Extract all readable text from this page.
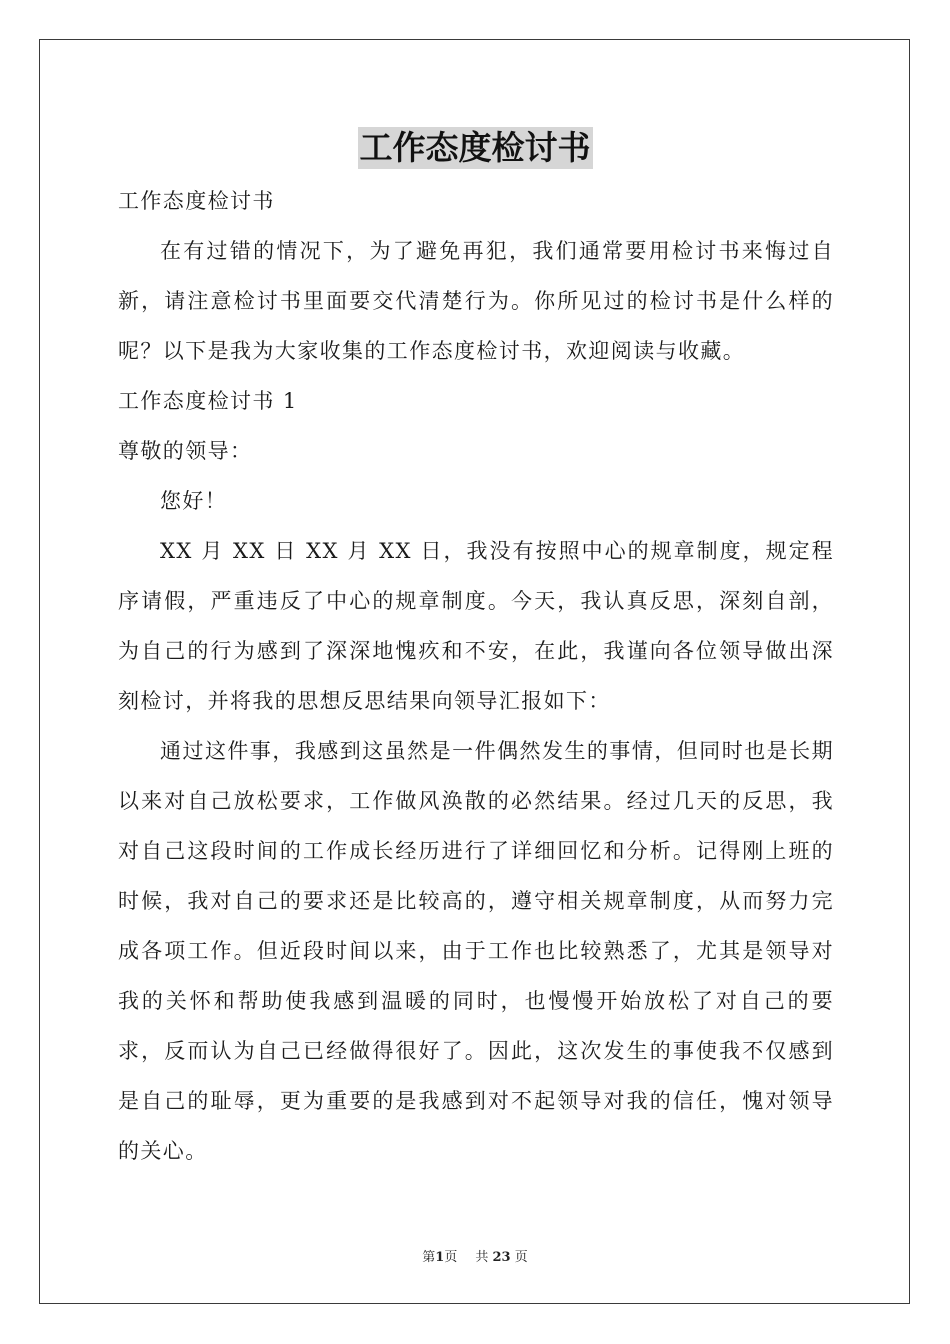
工作态度检讨书

工作态度检讨书

在有过错的情况下，为了避免再犯，我们通常要用检讨书来悔过自新，请注意检讨书里面要交代清楚行为。你所见过的检讨书是什么样的呢？以下是我为大家收集的工作态度检讨书，欢迎阅读与收藏。

工作态度检讨书 1

尊敬的领导：

您好！

XX 月 XX 日 XX 月 XX 日，我没有按照中心的规章制度，规定程序请假，严重违反了中心的规章制度。今天，我认真反思，深刻自剖，为自己的行为感到了深深地愧疚和不安，在此，我谨向各位领导做出深刻检讨，并将我的思想反思结果向领导汇报如下：

通过这件事，我感到这虽然是一件偶然发生的事情，但同时也是长期以来对自己放松要求，工作做风涣散的必然结果。经过几天的反思，我对自己这段时间的工作成长经历进行了详细回忆和分析。记得刚上班的时候，我对自己的要求还是比较高的，遵守相关规章制度，从而努力完成各项工作。但近段时间以来，由于工作也比较熟悉了，尤其是领导对我的关怀和帮助使我感到温暖的同时，也慢慢开始放松了对自己的要求，反而认为自己已经做得很好了。因此，这次发生的事使我不仅感到是自己的耻辱，更为重要的是我感到对不起领导对我的信任，愧对领导的关心。

第1页 共 23 页
